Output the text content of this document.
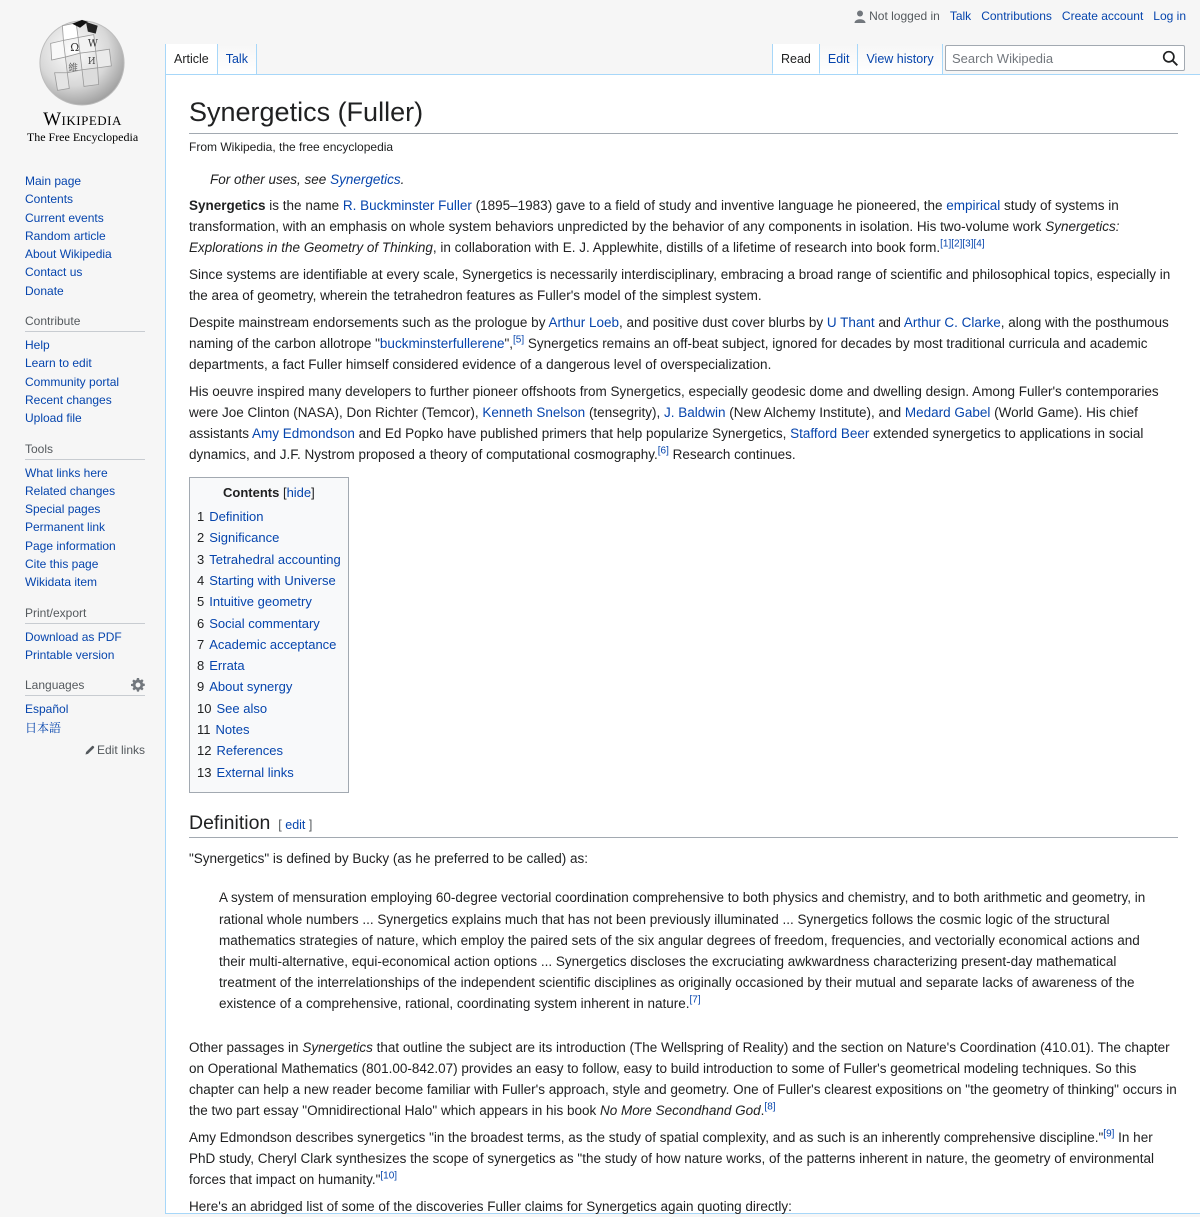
Ω W
維
И
Wikipedia
The Free Encyclopedia
Not logged in Talk Contributions Create account Log in
Article	Talk	Read	Edit	View history
Search Wikipedia
Main page
Contents
Current events
Random article
About Wikipedia
Contact us
Donate
Contribute
Help
Learn to edit
Community portal
Recent changes
Upload file
Tools
What links here
Related changes
Special pages
Permanent link
Page information
Cite this page
Wikidata item
Print/export
Download as PDF
Printable version
Languages
Español
日本語
Edit links
Synergetics (Fuller)
From Wikipedia, the free encyclopedia
For other uses, see Synergetics.

Synergetics is the name R. Buckminster Fuller (1895–1983) gave to a field of study and inventive language he pioneered, the empirical study of systems in transformation, with an emphasis on whole system behaviors unpredicted by the behavior of any components in isolation. His two-volume work Synergetics: Explorations in the Geometry of Thinking, in collaboration with E. J. Applewhite, distills of a lifetime of research into book form.[1][2][3][4]

Since systems are identifiable at every scale, Synergetics is necessarily interdisciplinary, embracing a broad range of scientific and philosophical topics, especially in the area of geometry, wherein the tetrahedron features as Fuller's model of the simplest system.

Despite mainstream endorsements such as the prologue by Arthur Loeb, and positive dust cover blurbs by U Thant and Arthur C. Clarke, along with the posthumous naming of the carbon allotrope "buckminsterfullerene",[5] Synergetics remains an off-beat subject, ignored for decades by most traditional curricula and academic departments, a fact Fuller himself considered evidence of a dangerous level of overspecialization.

His oeuvre inspired many developers to further pioneer offshoots from Synergetics, especially geodesic dome and dwelling design. Among Fuller's contemporaries were Joe Clinton (NASA), Don Richter (Temcor), Kenneth Snelson (tensegrity), J. Baldwin (New Alchemy Institute), and Medard Gabel (World Game). His chief assistants Amy Edmondson and Ed Popko have published primers that help popularize Synergetics, Stafford Beer extended synergetics to applications in social dynamics, and J.F. Nystrom proposed a theory of computational cosmography.[6] Research continues.

Contents [hide]
1 Definition
2 Significance
3 Tetrahedral accounting
4 Starting with Universe
5 Intuitive geometry
6 Social commentary
7 Academic acceptance
8 Errata
9 About synergy
10 See also
11 Notes
12 References
13 External links
Definition [ edit ]

"Synergetics" is defined by Bucky (as he preferred to be called) as:

A system of mensuration employing 60-degree vectorial coordination comprehensive to both physics and chemistry, and to both arithmetic and geometry, in rational whole numbers ... Synergetics explains much that has not been previously illuminated ... Synergetics follows the cosmic logic of the structural mathematics strategies of nature, which employ the paired sets of the six angular degrees of freedom, frequencies, and vectorially economical actions and their multi-alternative, equi-economical action options ... Synergetics discloses the excruciating awkwardness characterizing present-day mathematical treatment of the interrelationships of the independent scientific disciplines as originally occasioned by their mutual and separate lacks of awareness of the existence of a comprehensive, rational, coordinating system inherent in nature.[7]

Other passages in Synergetics that outline the subject are its introduction (The Wellspring of Reality) and the section on Nature's Coordination (410.01). The chapter on Operational Mathematics (801.00-842.07) provides an easy to follow, easy to build introduction to some of Fuller's geometrical modeling techniques. So this chapter can help a new reader become familiar with Fuller's approach, style and geometry. One of Fuller's clearest expositions on "the geometry of thinking" occurs in the two part essay "Omnidirectional Halo" which appears in his book No More Secondhand God.[8]

Amy Edmondson describes synergetics "in the broadest terms, as the study of spatial complexity, and as such is an inherently comprehensive discipline."[9] In her PhD study, Cheryl Clark synthesizes the scope of synergetics as "the study of how nature works, of the patterns inherent in nature, the geometry of environmental forces that impact on humanity."[10]

Here's an abridged list of some of the discoveries Fuller claims for Synergetics again quoting directly:
